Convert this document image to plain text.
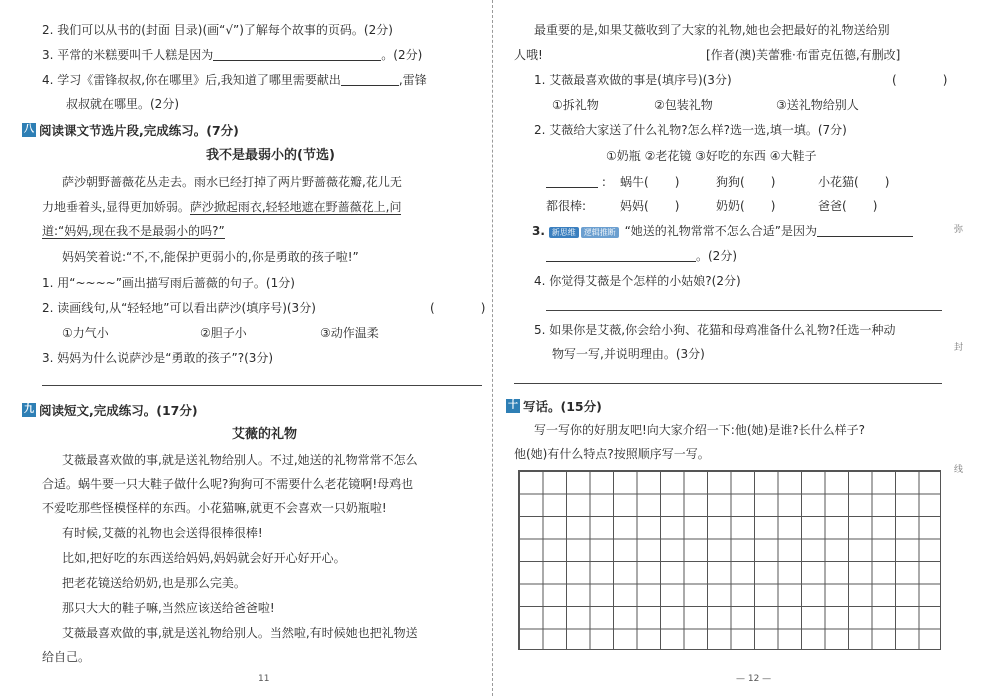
2. 我们可以从书的(封面 目录)(画“√”)了解每个故事的页码。(2分)
3. 平常的米糕要叫千人糕是因为	。(2分)
4. 学习《雷锋叔叔,你在哪里》后,我知道了哪里需要献出	,雷锋
叔叔就在哪里。(2分)
八 阅读课文节选片段,完成练习。(7分)
我不是最弱小的(节选)
萨沙朝野蔷薇花丛走去。雨水已经打掉了两片野蔷薇花瓣,花儿无
力地垂着头,显得更加娇弱。萨沙掀起雨衣,轻轻地遮在野蔷薇花上,问
道:“妈妈,现在我不是最弱小的吗?”
妈妈笑着说:“不,不,能保护更弱小的,你是勇敢的孩子啦!”
1. 用“~~~~”画出描写雨后蔷薇的句子。(1分)
2. 读画线句,从“轻轻地”可以看出萨沙(填序号)(3分)	(	)
①力气小	②胆子小	③动作温柔
3. 妈妈为什么说萨沙是“勇敢的孩子”?(3分)
九 阅读短文,完成练习。(17分)
艾薇的礼物
艾薇最喜欢做的事,就是送礼物给别人。不过,她送的礼物常常不怎么
合适。蜗牛要一只大鞋子做什么呢?狗狗可不需要什么老花镜啊!母鸡也
不爱吃那些怪模怪样的东西。小花猫嘛,就更不会喜欢一只奶瓶啦!
有时候,艾薇的礼物也会送得很棒很棒!
比如,把好吃的东西送给妈妈,妈妈就会好开心好开心。
把老花镜送给奶奶,也是那么完美。
那只大大的鞋子嘛,当然应该送给爸爸啦!
艾薇最喜欢做的事,就是送礼物给别人。当然啦,有时候她也把礼物送
给自己。
11
最重要的是,如果艾薇收到了大家的礼物,她也会把最好的礼物送给别
人哦!	[作者(澳)芙蕾雅·布雷克伍德,有删改]
1. 艾薇最喜欢做的事是(填序号)(3分)	(	)
①拆礼物	②包装礼物	③送礼物给别人
2. 艾薇给大家送了什么礼物?怎么样?选一选,填一填。(7分)
①奶瓶 ②老花镜 ③好吃的东西 ④大鞋子
: 蜗牛( )	狗狗( )	小花猫( )
都很棒:	妈妈( )	奶奶( )	爸爸( )
3. 新思维 逻辑推断 “她送的礼物常常不怎么合适”是因为
。(2分)
4. 你觉得艾薇是个怎样的小姑娘?(2分)
5. 如果你是艾薇,你会给小狗、花猫和母鸡准备什么礼物?任选一种动
物写一写,并说明理由。(3分)
十 写话。(15分)
写一写你的好朋友吧!向大家介绍一下:他(她)是谁?长什么样子?
他(她)有什么特点?按照顺序写一写。
— 12 —
弥
封
线
